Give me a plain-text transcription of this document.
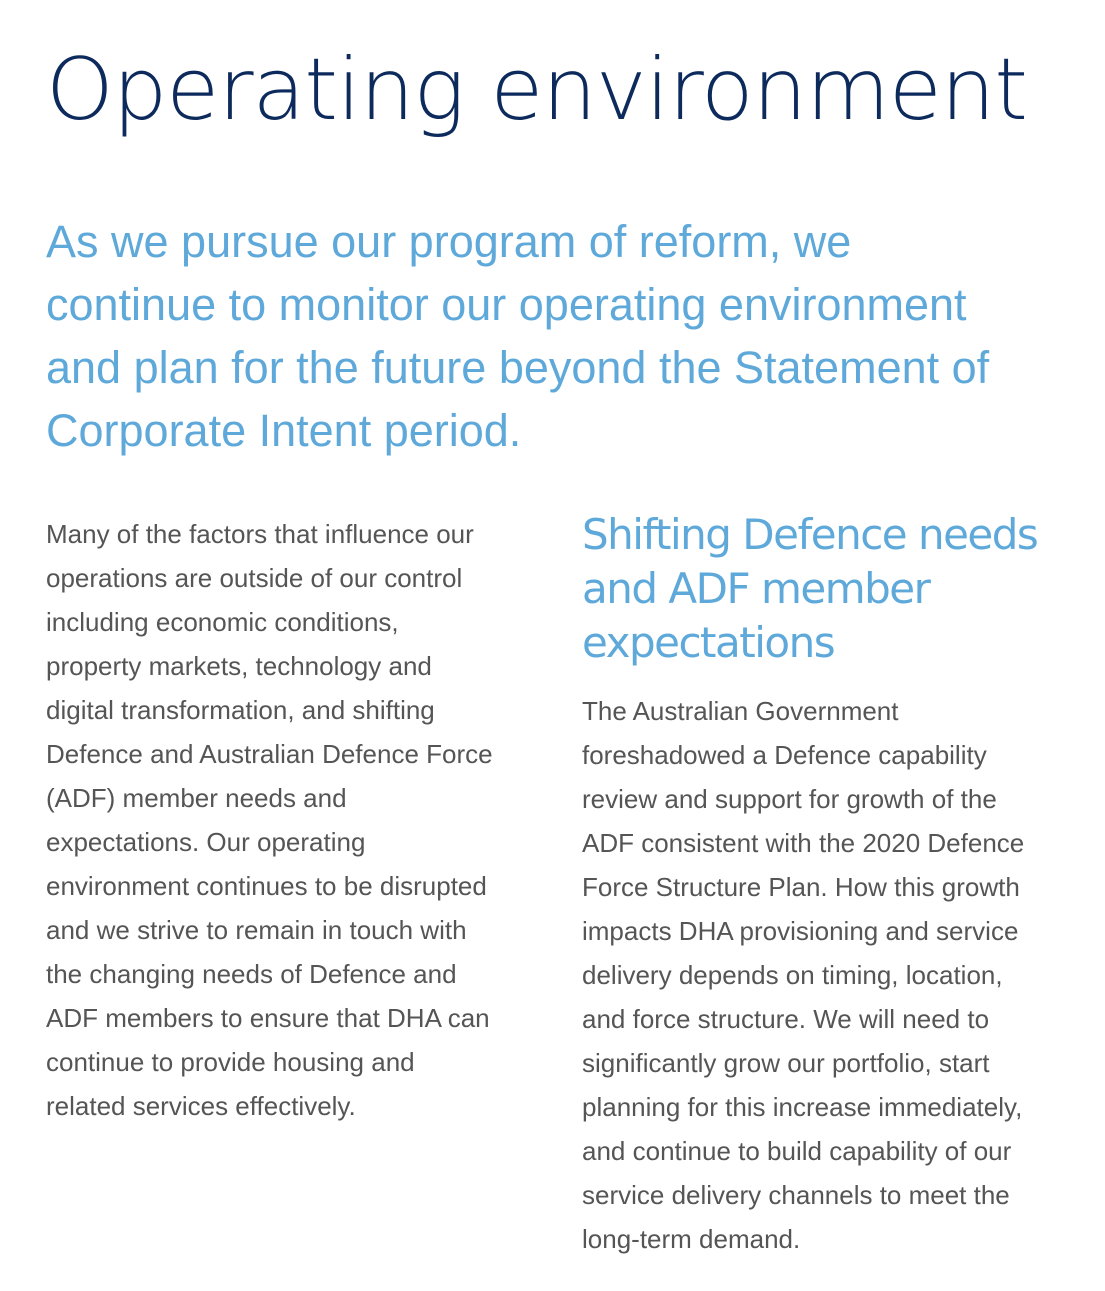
Operating environment

As we pursue our program of reform, we
continue to monitor our operating environment
and plan for the future beyond the Statement of
Corporate Intent period.

Many of the factors that influence our
operations are outside of our control
including economic conditions,
property markets, technology and
digital transformation, and shifting
Defence and Australian Defence Force
(ADF) member needs and
expectations. Our operating
environment continues to be disrupted
and we strive to remain in touch with
the changing needs of Defence and
ADF members to ensure that DHA can
continue to provide housing and
related services effectively.

Shifting Defence needs
and ADF member
expectations

The Australian Government
foreshadowed a Defence capability
review and support for growth of the
ADF consistent with the 2020 Defence
Force Structure Plan. How this growth
impacts DHA provisioning and service
delivery depends on timing, location,
and force structure. We will need to
significantly grow our portfolio, start
planning for this increase immediately,
and continue to build capability of our
service delivery channels to meet the
long-term demand.
